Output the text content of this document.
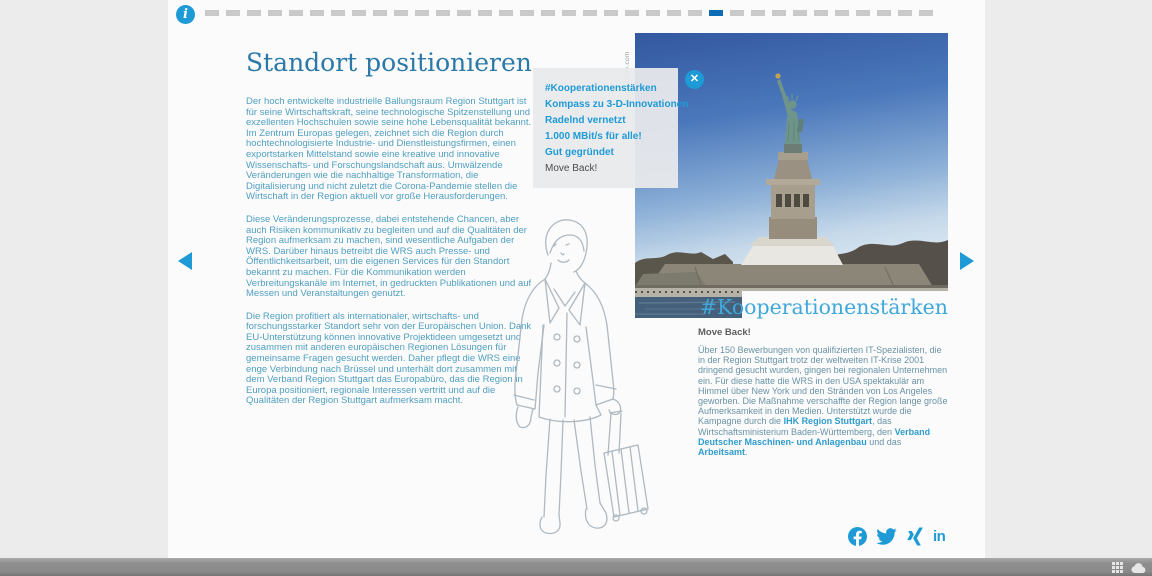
i
Standort positionieren

Der hoch entwickelte industrielle Ballungsraum Region Stuttgart ist für seine Wirtschaftskraft, seine technologische Spitzenstellung und exzellenten Hochschulen sowie seine hohe Lebensqualität bekannt. Im Zentrum Europas gelegen, zeichnet sich die Region durch hochtechnologisierte Industrie- und Dienstleistungsfirmen, einen exportstarken Mittelstand sowie eine kreative und innovative Wissenschafts- und Forschungslandschaft aus. Umwälzende Veränderungen wie die nachhaltige Transformation, die Digitalisierung und nicht zuletzt die Corona-Pandemie stellen die Wirtschaft in der Region aktuell vor große Herausforderungen.

Diese Veränderungsprozesse, dabei entstehende Chancen, aber auch Risiken kommunikativ zu begleiten und auf die Qualitäten der Region aufmerksam zu machen, sind wesentliche Aufgaben der WRS. Darüber hinaus betreibt die WRS auch Presse- und Öffentlichkeitsarbeit, um die eigenen Services für den Standort bekannt zu machen. Für die Kommunikation werden Verbreitungskanäle im Internet, in gedruckten Publikationen und auf Messen und Veranstaltungen genutzt.

Die Region profitiert als internationaler, wirtschafts- und forschungsstarker Standort sehr von der Europäischen Union. Dank EU-Unterstützung können innovative Projektideen umgesetzt und zusammen mit anderen europäischen Regionen Lösungen für gemeinsame Fragen gesucht werden. Daher pflegt die WRS eine enge Verbindung nach Brüssel und unterhält dort zusammen mit dem Verband Region Stuttgart das Europabüro, das die Region in Europa positioniert, regionale Interessen vertritt und auf die Qualitäten der Region Stuttgart aufmerksam macht.

#Kooperationenstärken
✕
#Kooperationenstärken
Kompass zu 3-D-Innovationen
Radelnd vernetzt
1.000 MBit/s für alle!
Gut gegründet
Move Back!
Move Back!
Über 150 Bewerbungen von qualifizierten IT-Spezialisten, die in der Region Stuttgart trotz der weltweiten IT-Krise 2001 dringend gesucht wurden, gingen bei regionalen Unternehmen ein. Für diese hatte die WRS in den USA spektakulär am Himmel über New York und den Stränden von Los Angeles geworben. Die Maßnahme verschaffte der Region lange große Aufmerksamkeit in den Medien. Unterstützt wurde die Kampagne durch die IHK Region Stuttgart, das Wirtschaftsministerium Baden-Württemberg, den Verband Deutscher Maschinen- und Anlagenbau und das Arbeitsamt.
in
